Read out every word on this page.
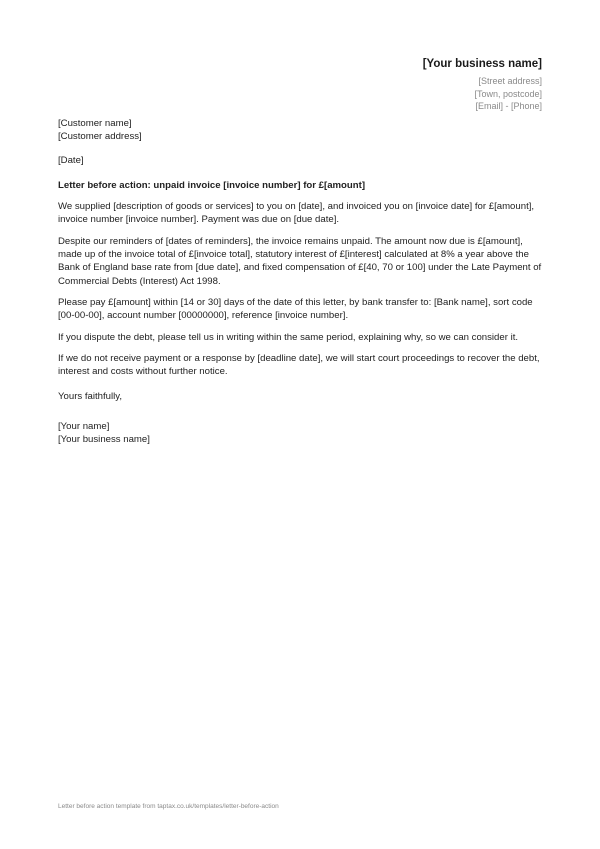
[Your business name]
[Street address]
[Town, postcode]
[Email] - [Phone]

[Customer name]

[Customer address]

[Date]

Letter before action: unpaid invoice [invoice number] for £[amount]

We supplied [description of goods or services] to you on [date], and invoiced you on [invoice date] for £[amount], invoice number [invoice number]. Payment was due on [due date].

Despite our reminders of [dates of reminders], the invoice remains unpaid. The amount now due is £[amount], made up of the invoice total of £[invoice total], statutory interest of £[interest] calculated at 8% a year above the Bank of England base rate from [due date], and fixed compensation of £[40, 70 or 100] under the Late Payment of Commercial Debts (Interest) Act 1998.

Please pay £[amount] within [14 or 30] days of the date of this letter, by bank transfer to: [Bank name], sort code [00-00-00], account number [00000000], reference [invoice number].

If you dispute the debt, please tell us in writing within the same period, explaining why, so we can consider it.

If we do not receive payment or a response by [deadline date], we will start court proceedings to recover the debt, interest and costs without further notice.

Yours faithfully,

[Your name]
[Your business name]
Letter before action template from taptax.co.uk/templates/letter-before-action
